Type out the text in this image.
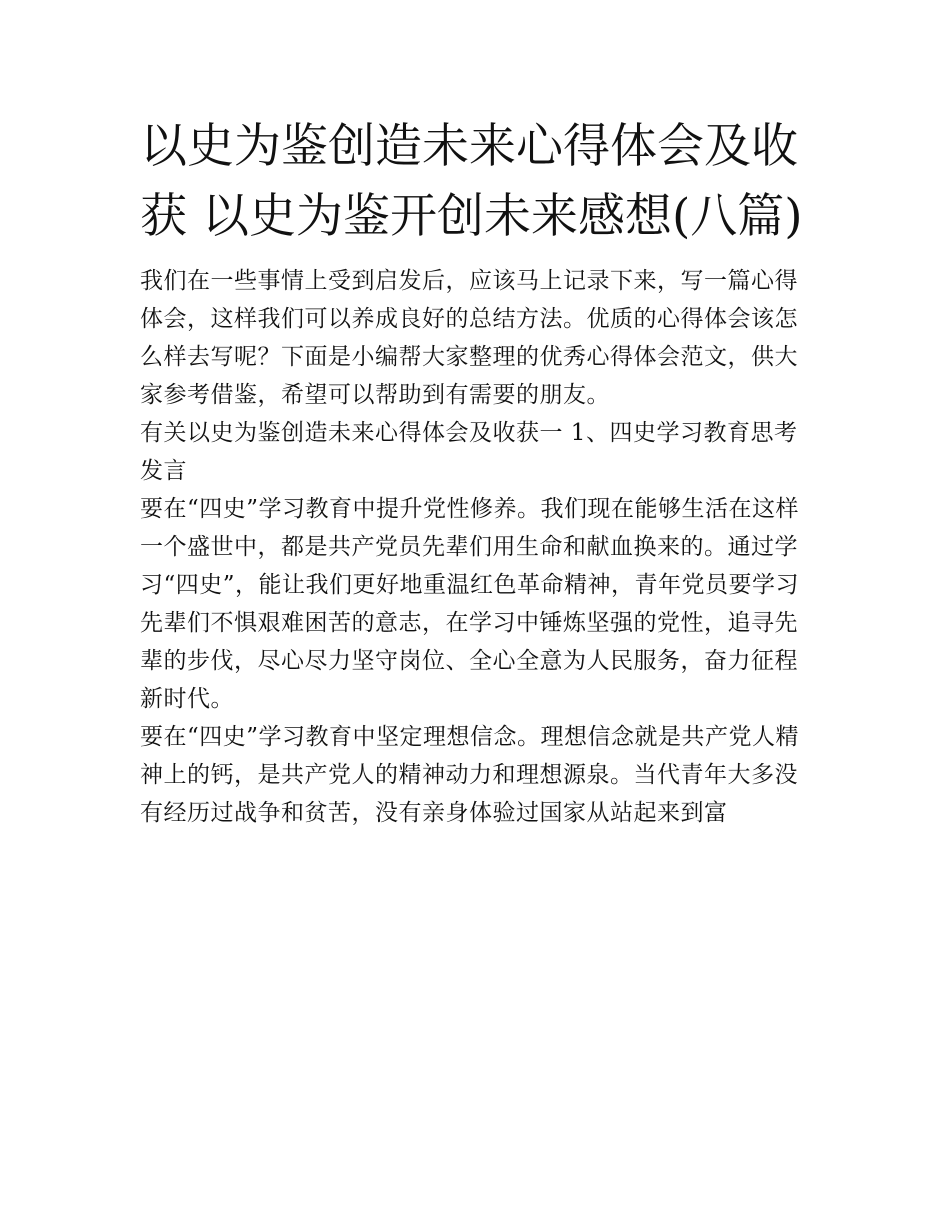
以史为鉴创造未来心得体会及收获 以史为鉴开创未来感想(八篇)

我们在一些事情上受到启发后，应该马上记录下来，写一篇心得体会，这样我们可以养成良好的总结方法。优质的心得体会该怎么样去写呢？下面是小编帮大家整理的优秀心得体会范文，供大家参考借鉴，希望可以帮助到有需要的朋友。

有关以史为鉴创造未来心得体会及收获一 1、四史学习教育思考发言

要在“四史”学习教育中提升党性修养。我们现在能够生活在这样一个盛世中，都是共产党员先辈们用生命和献血换来的。通过学习“四史”，能让我们更好地重温红色革命精神，青年党员要学习先辈们不惧艰难困苦的意志，在学习中锤炼坚强的党性，追寻先辈的步伐，尽心尽力坚守岗位、全心全意为人民服务，奋力征程新时代。

要在“四史”学习教育中坚定理想信念。理想信念就是共产党人精神上的钙，是共产党人的精神动力和理想源泉。当代青年大多没有经历过战争和贫苦，没有亲身体验过国家从站起来到富
